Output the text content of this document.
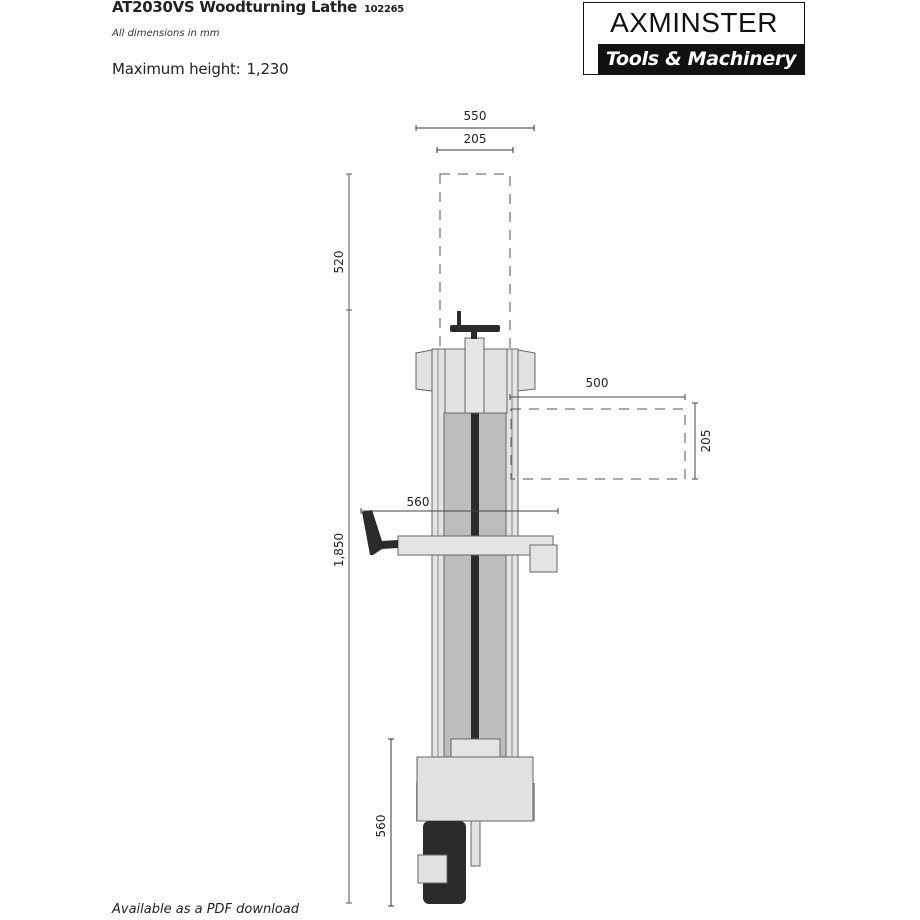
AT2030VS Woodturning Lathe 102265
All dimensions in mm
Maximum height: 1,230
AXMINSTER
Tools & Machinery
550
205
520
1,850
500
205
560
560
Available as a PDF download
